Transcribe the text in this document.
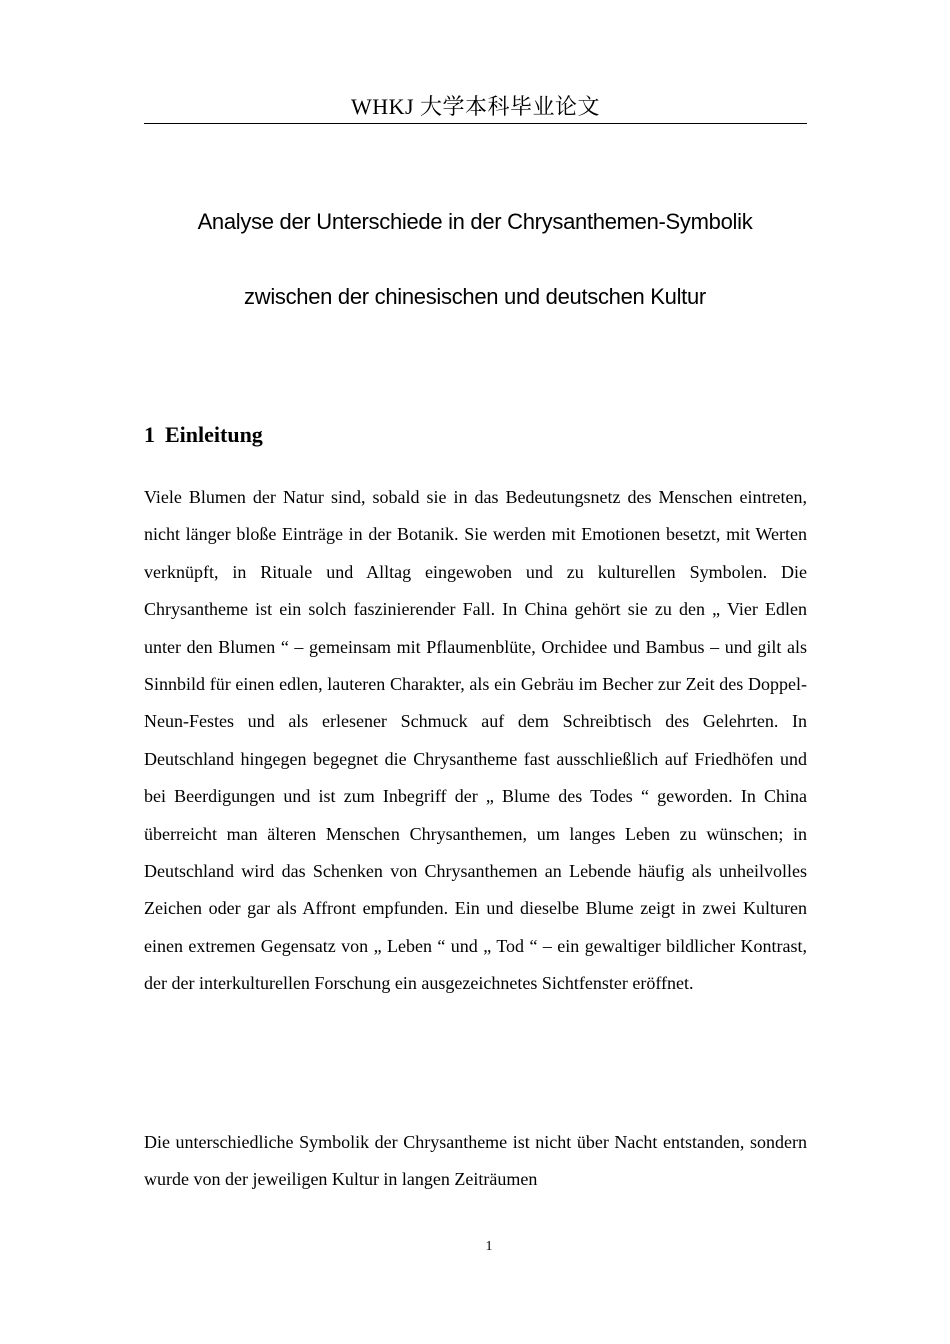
WHKJ 大学本科毕业论文
Analyse der Unterschiede in der Chrysanthemen-Symbolik
zwischen der chinesischen und deutschen Kultur
1 Einleitung

Viele Blumen der Natur sind, sobald sie in das Bedeutungsnetz des Menschen eintreten, nicht länger bloße Einträge in der Botanik. Sie werden mit Emotionen besetzt, mit Werten verknüpft, in Rituale und Alltag eingewoben und zu kulturellen Symbolen. Die Chrysantheme ist ein solch faszinierender Fall. In China gehört sie zu den „ Vier Edlen unter den Blumen “ – gemeinsam mit Pflaumenblüte, Orchidee und Bambus – und gilt als Sinnbild für einen edlen, lauteren Charakter, als ein Gebräu im Becher zur Zeit des Doppel-Neun-Festes und als erlesener Schmuck auf dem Schreibtisch des Gelehrten. In Deutschland hingegen begegnet die Chrysantheme fast ausschließlich auf Friedhöfen und bei Beerdigungen und ist zum Inbegriff der „ Blume des Todes “ geworden. In China überreicht man älteren Menschen Chrysanthemen, um langes Leben zu wünschen; in Deutschland wird das Schenken von Chrysanthemen an Lebende häufig als unheilvolles Zeichen oder gar als Affront empfunden. Ein und dieselbe Blume zeigt in zwei Kulturen einen extremen Gegensatz von „ Leben “ und „ Tod “ – ein gewaltiger bildlicher Kontrast, der der interkulturellen Forschung ein ausgezeichnetes Sichtfenster eröffnet.

Die unterschiedliche Symbolik der Chrysantheme ist nicht über Nacht entstanden, sondern wurde von der jeweiligen Kultur in langen Zeiträumen

1
